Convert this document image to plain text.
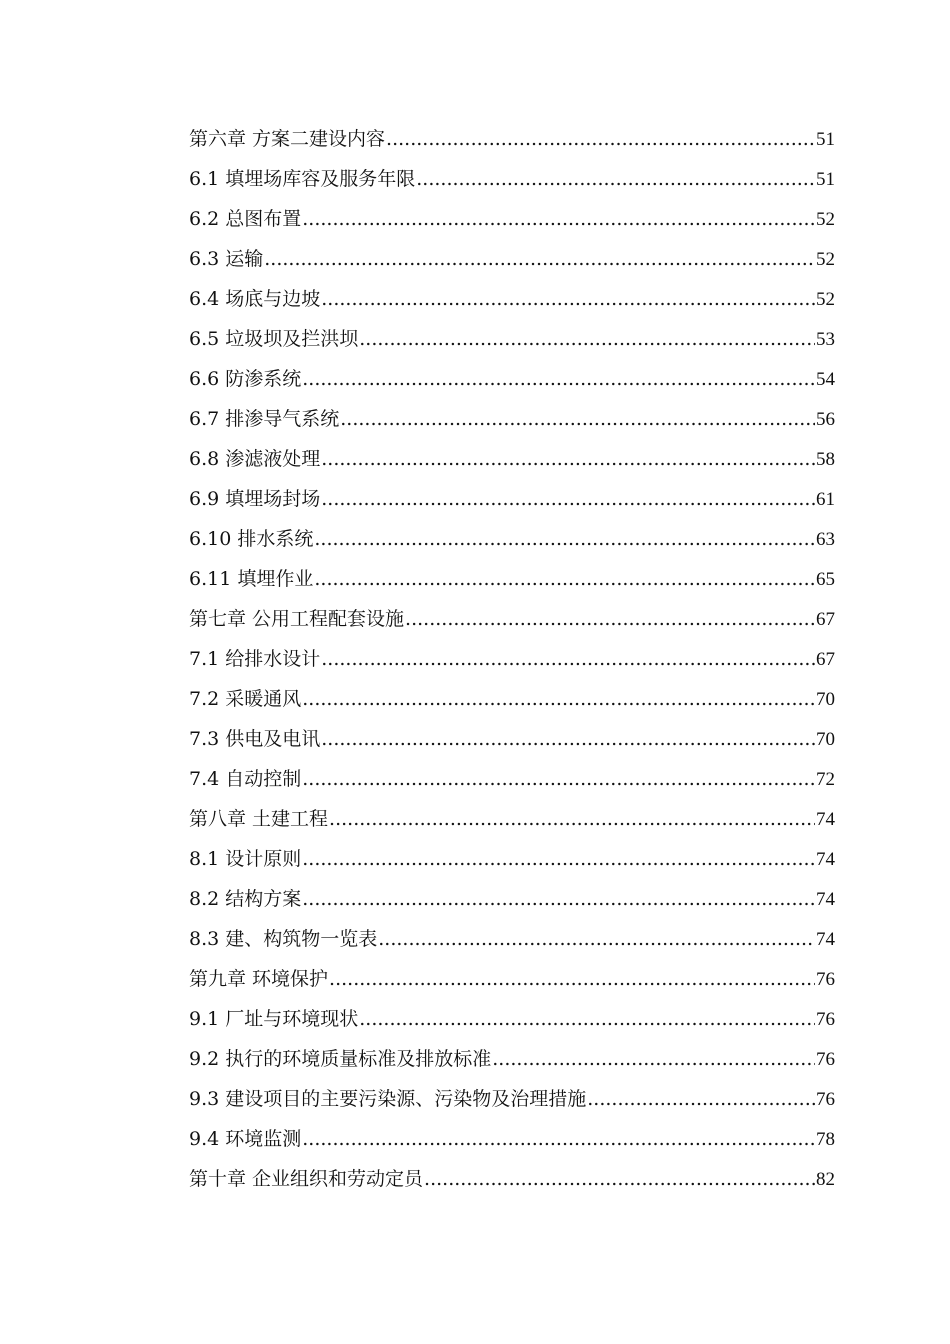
第六章 方案二建设内容 .....	51
6.1 填埋场库容及服务年限 .....	51
6.2 总图布置 .....	52
6.3 运输 .....	52
6.4 场底与边坡 .....	52
6.5 垃圾坝及拦洪坝 .....	53
6.6 防渗系统 .....	54
6.7 排渗导气系统 .....	56
6.8 渗滤液处理 .....	58
6.9 填埋场封场 .....	61
6.10 排水系统 .....	63
6.11 填埋作业 .....	65
第七章 公用工程配套设施 .....	67
7.1 给排水设计 .....	67
7.2 采暖通风 .....	70
7.3 供电及电讯 .....	70
7.4 自动控制 .....	72
第八章 土建工程 .....	74
8.1 设计原则 .....	74
8.2 结构方案 .....	74
8.3 建、构筑物一览表 .....	74
第九章 环境保护 .....	76
9.1 厂址与环境现状 .....	76
9.2 执行的环境质量标准及排放标准 .....	76
9.3 建设项目的主要污染源、污染物及治理措施 .....	76
9.4 环境监测 .....	78
第十章 企业组织和劳动定员 .....	82
